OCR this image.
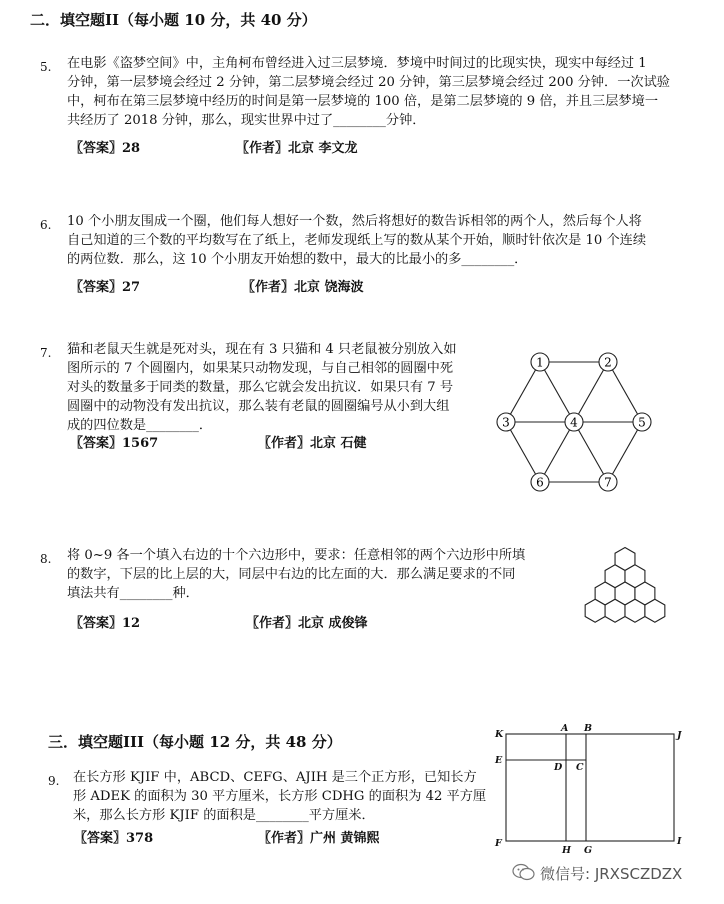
二．填空题II（每小题 10 分，共 40 分）
5. 在电影《盗梦空间》中，主角柯布曾经进入过三层梦境．梦境中时间过的比现实快，现实中每经过 1
分钟，第一层梦境会经过 2 分钟，第二层梦境会经过 20 分钟，第三层梦境会经过 200 分钟．一次试验
中，柯布在第三层梦境中经历的时间是第一层梦境的 100 倍，是第二层梦境的 9 倍，并且三层梦境一
共经历了 2018 分钟，那么，现实世界中过了________分钟．
〖答案〗28	〖作者〗北京 李文龙
6. 10 个小朋友围成一个圈，他们每人想好一个数，然后将想好的数告诉相邻的两个人，然后每个人将
自己知道的三个数的平均数写在了纸上，老师发现纸上写的数从某个开始，顺时针依次是 10 个连续
的两位数．那么，这 10 个小朋友开始想的数中，最大的比最小的多________．
〖答案〗27	〖作者〗北京 饶海波
7. 猫和老鼠天生就是死对头，现在有 3 只猫和 4 只老鼠被分别放入如
图所示的 7 个圆圈内，如果某只动物发现，与自己相邻的圆圈中死
对头的数量多于同类的数量，那么它就会发出抗议．如果只有 7 号
圆圈中的动物没有发出抗议，那么装有老鼠的圆圈编号从小到大组
成的四位数是________．
〖答案〗1567	〖作者〗北京 石健
1	2
3	4	5
6	7
8. 将 0~9 各一个填入右边的十个六边形中，要求：任意相邻的两个六边形中所填
的数字，下层的比上层的大，同层中右边的比左面的大．那么满足要求的不同
填法共有________种．
〖答案〗12	〖作者〗北京 成俊锋
三．填空题III（每小题 12 分，共 48 分）
9. 在长方形 KJIF 中，ABCD、CEFG、AJIH 是三个正方形，已知长方
形 ADEK 的面积为 30 平方厘米，长方形 CDHG 的面积为 42 平方厘
米，那么长方形 KJIF 的面积是________平方厘米．
〖答案〗378	〖作者〗广州 黄锦熙
K
A B
J
E
D C
F
H G
I
微信号: JRXSCZDZX
